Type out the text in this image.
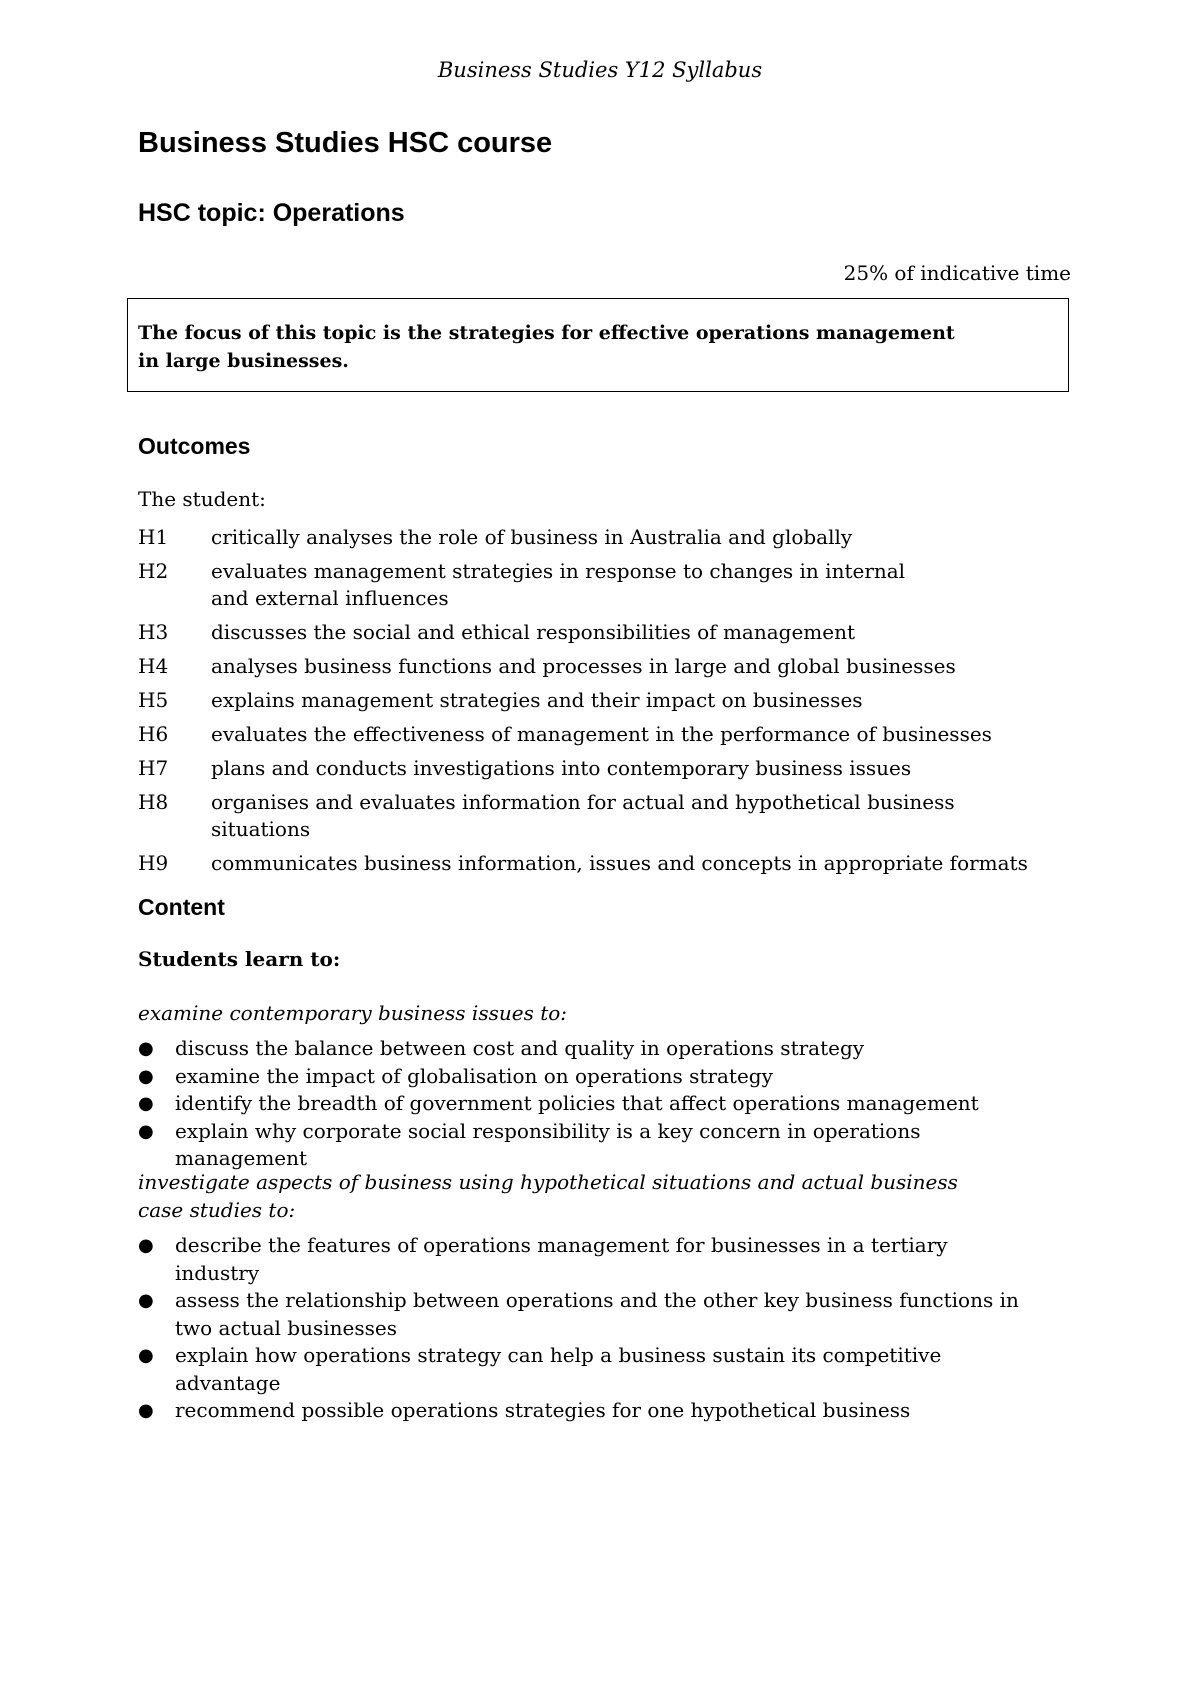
Business Studies Y12 Syllabus
Business Studies HSC course
HSC topic: Operations
25% of indicative time
The focus of this topic is the strategies for effective operations management in large businesses.
Outcomes
The student:
H1	critically analyses the role of business in Australia and globally
H2	evaluates management strategies in response to changes in internal and external influences
H3	discusses the social and ethical responsibilities of management
H4	analyses business functions and processes in large and global businesses
H5	explains management strategies and their impact on businesses
H6	evaluates the effectiveness of management in the performance of businesses
H7	plans and conducts investigations into contemporary business issues
H8	organises and evaluates information for actual and hypothetical business situations
H9	communicates business information, issues and concepts in appropriate formats
Content
Students learn to:
examine contemporary business issues to:
●	discuss the balance between cost and quality in operations strategy
●	examine the impact of globalisation on operations strategy
●	identify the breadth of government policies that affect operations management
●	explain why corporate social responsibility is a key concern in operations management
investigate aspects of business using hypothetical situations and actual business case studies to:
●	describe the features of operations management for businesses in a tertiary industry
●	assess the relationship between operations and the other key business functions in two actual businesses
●	explain how operations strategy can help a business sustain its competitive advantage
●	recommend possible operations strategies for one hypothetical business
